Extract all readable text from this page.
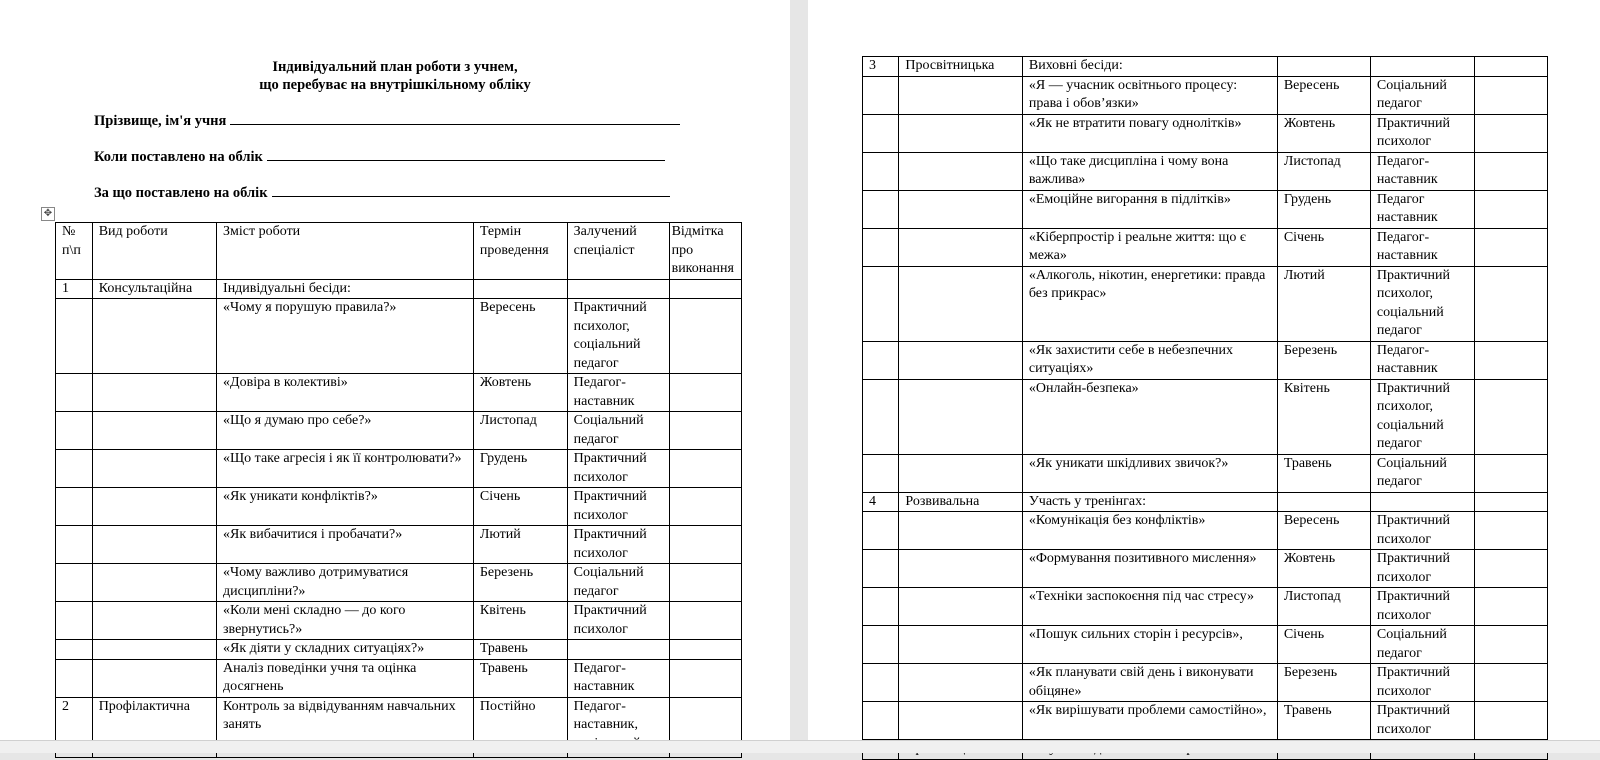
Індивідуальний план роботи з учнем,
що перебуває на внутрішкільному обліку
Прізвище, ім'я учня
Коли поставлено на облік
За що поставлено на облік
✥
№ п\п	Вид роботи	Зміст роботи	Термін проведення	Залучений спеціаліст	Відмітка про виконання
1	Консультаційна	Індивідуальні бесіди:			
		«Чому я порушую правила?»	Вересень	Практичний психолог, соціальний педагог	
		«Довіра в колективі»	Жовтень	Педагог-наставник	
		«Що я думаю про себе?»	Листопад	Соціальний педагог	
		«Що таке агресія і як її контролювати?»	Грудень	Практичний психолог	
		«Як уникати конфліктів?»	Січень	Практичний психолог	
		«Як вибачитися і пробачати?»	Лютий	Практичний психолог	
		«Чому важливо дотримуватися дисципліни?»	Березень	Соціальний педагог	
		«Коли мені складно — до кого звернутись?»	Квітень	Практичний психолог	
		«Як діяти у складних ситуаціях?»	Травень		
		Аналіз поведінки учня та оцінка досягнень	Травень	Педагог-наставник	
2	Профілактична	Контроль за відвідуванням навчальних занять	Постійно	Педагог-наставник,	
3	Просвітницька	Виховні бесіди:			
		«Я — учасник освітнього процесу: права і обов’язки»	Вересень	Соціальний педагог	
		«Як не втратити повагу однолітків»	Жовтень	Практичний психолог	
		«Що таке дисципліна і чому вона важлива»	Листопад	Педагог-наставник	
		«Емоційне вигорання в підлітків»	Грудень	Педагог наставник	
		«Кіберпростір і реальне життя: що є межа»	Січень	Педагог-наставник	
		«Алкоголь, нікотин, енергетики: правда без прикрас»	Лютий	Практичний психолог, соціальний педагог	
		«Як захистити себе в небезпечних ситуаціях»	Березень	Педагог-наставник	
		«Онлайн-безпека»	Квітень	Практичний психолог, соціальний педагог	
		«Як уникати шкідливих звичок?»	Травень	Соціальний педагог	
4	Розвивальна	Участь у тренінгах:			
		«Комунікація без конфліктів»	Вересень	Практичний психолог	
		«Формування позитивного мислення»	Жовтень	Практичний психолог	
		«Техніки заспокоєння під час стресу»	Листопад	Практичний психолог	
		«Пошук сильних сторін і ресурсів»,	Січень	Соціальний педагог	
		«Як планувати свій день і виконувати обіцяне»	Березень	Практичний психолог	
		«Як вирішувати проблеми самостійно»,	Травень	Практичний психолог	
